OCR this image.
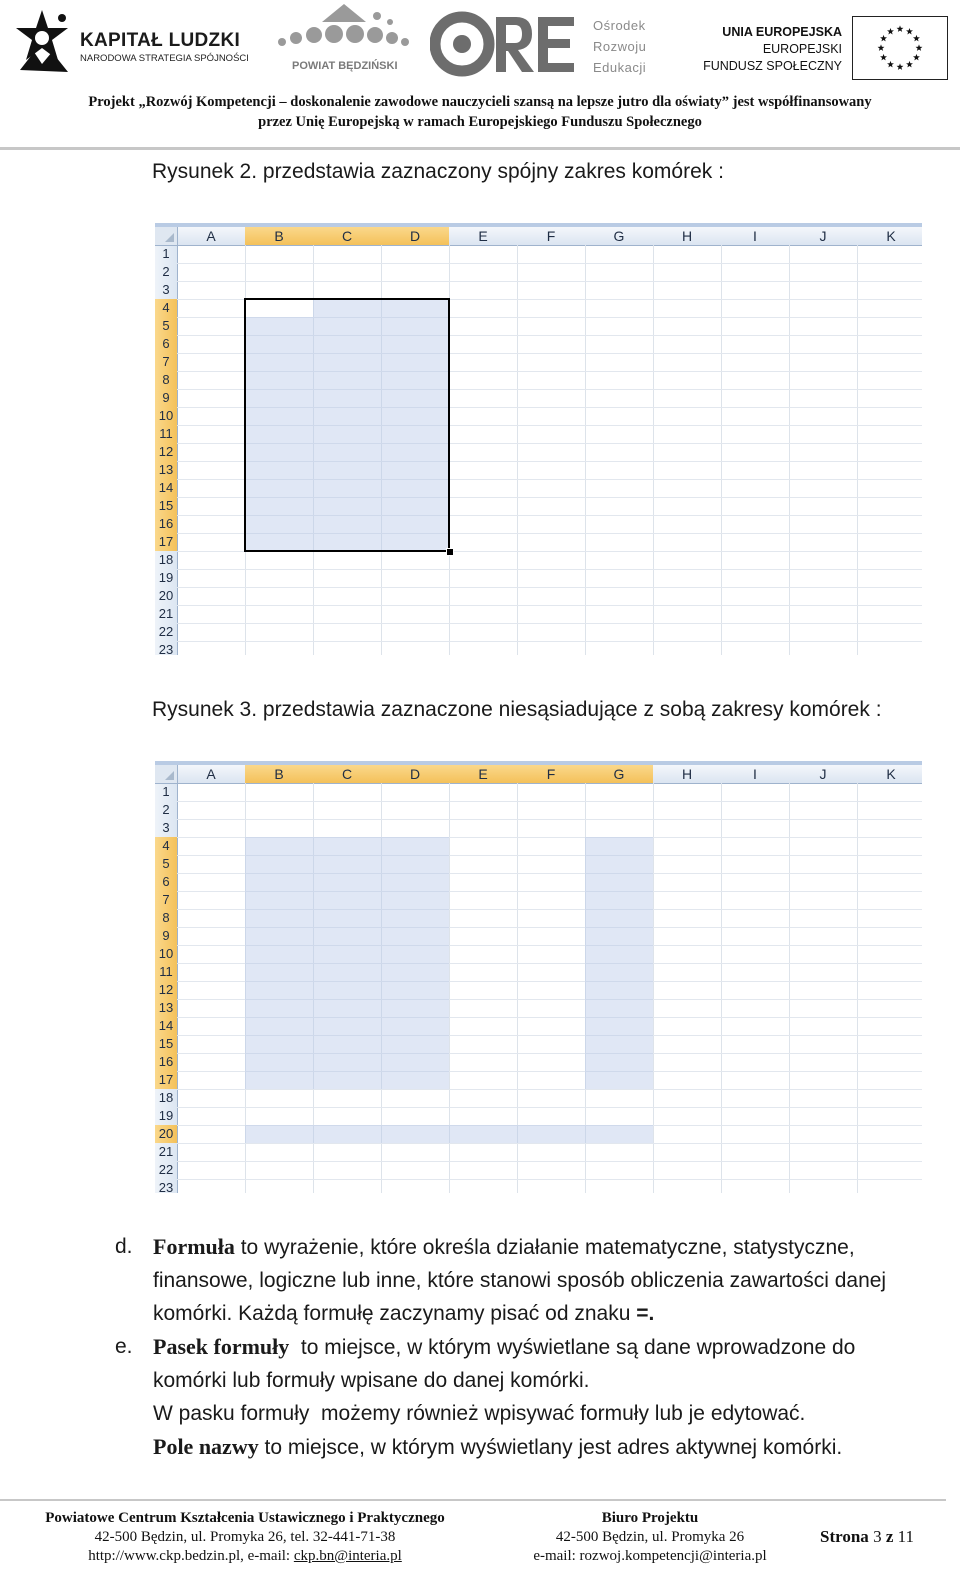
KAPITAŁ LUDZKI
NARODOWA STRATEGIA SPÓJNOŚCI
POWIAT BĘDZIŃSKI
Ośrodek
Rozwoju
Edukacji
UNIA EUROPEJSKA
EUROPEJSKI
FUNDUSZ SPOŁECZNY
Projekt „Rozwój Kompetencji – doskonalenie zawodowe nauczycieli szansą na lepsze jutro dla oświaty” jest współfinansowany
przez Unię Europejską w ramach Europejskiego Funduszu Społecznego
Rysunek 2. przedstawia zaznaczony spójny zakres komórek :
A	B	C	D	E	F	G	H	I	J	K
1
2
3
4
5
6
7
8
9
10
11
12
13
14
15
16
17
18
19
20
21
22
23
Rysunek 3. przedstawia zaznaczone niesąsiadujące z sobą zakresy komórek :
A	B	C	D	E	F	G	H	I	J	K
1
2
3
4
5
6
7
8
9
10
11
12
13
14
15
16
17
18
19
20
21
22
23
d. Formuła to wyrażenie, które określa działanie matematyczne, statystyczne,
finansowe, logiczne lub inne, które stanowi sposób obliczenia zawartości danej
komórki. Każdą formułę zaczynamy pisać od znaku =.
e. Pasek formuły  to miejsce, w którym wyświetlane są dane wprowadzone do
komórki lub formuły wpisane do danej komórki.
W pasku formuły  możemy również wpisywać formuły lub je edytować.
Pole nazwy to miejsce, w którym wyświetlany jest adres aktywnej komórki.
Powiatowe Centrum Kształcenia Ustawicznego i Praktycznego
42-500 Będzin, ul. Promyka 26, tel. 32-441-71-38
http://www.ckp.bedzin.pl, e-mail: ckp.bn@interia.pl
Biuro Projektu
42-500 Będzin, ul. Promyka 26
e-mail: rozwoj.kompetencji@interia.pl
Strona 3 z 11
